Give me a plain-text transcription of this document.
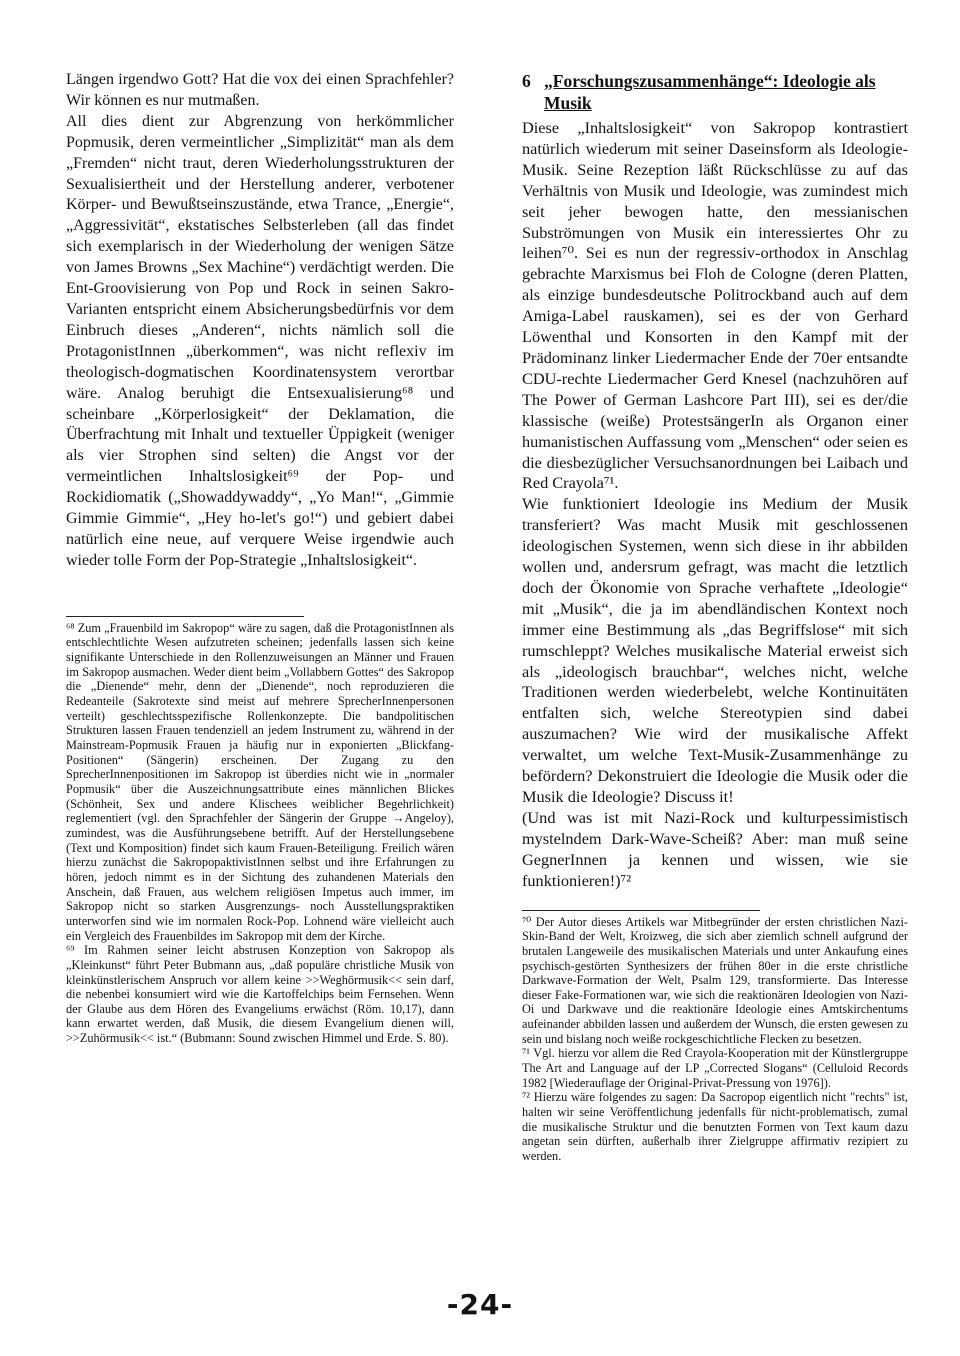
Längen irgendwo Gott? Hat die vox dei einen Sprachfehler? Wir können es nur mutmaßen.

All dies dient zur Abgrenzung von herkömmlicher Popmusik, deren vermeintlicher „Simplizität“ man als dem „Fremden“ nicht traut, deren Wiederholungsstrukturen der Sexualisiertheit und der Herstellung anderer, verbotener Körper- und Bewußtseinszustände, etwa Trance, „Energie“, „Aggressivität“, ekstatisches Selbsterleben (all das findet sich exemplarisch in der Wiederholung der wenigen Sätze von James Browns „Sex Machine“) verdächtigt werden. Die Ent-Groovisierung von Pop und Rock in seinen Sakro-Varianten entspricht einem Absicherungsbedürfnis vor dem Einbruch dieses „Anderen“, nichts nämlich soll die ProtagonistInnen „überkommen“, was nicht reflexiv im theologisch-dogmatischen Koordinatensystem verortbar wäre. Analog beruhigt die Entsexualisierung⁶⁸ und scheinbare „Körperlosigkeit“ der Deklamation, die Überfrachtung mit Inhalt und textueller Üppigkeit (weniger als vier Strophen sind selten) die Angst vor der vermeintlichen Inhaltslosigkeit⁶⁹ der Pop- und Rockidiomatik („Showaddywaddy“, „Yo Man!“, „Gimmie Gimmie Gimmie“, „Hey ho-let's go!“) und gebiert dabei natürlich eine neue, auf verquere Weise irgendwie auch wieder tolle Form der Pop-Strategie „Inhaltslosigkeit“.

⁶⁸ Zum „Frauenbild im Sakropop“ wäre zu sagen, daß die ProtagonistInnen als entschlechtlichte Wesen aufzutreten scheinen; jedenfalls lassen sich keine signifikante Unterschiede in den Rollenzuweisungen an Männer und Frauen im Sakropop ausmachen. Weder dient beim „Vollabbern Gottes“ des Sakropop die „Dienende“ mehr, denn der „Dienende“, noch reproduzieren die Redeanteile (Sakrotexte sind meist auf mehrere SprecherInnenpersonen verteilt) geschlechtsspezifische Rollenkonzepte. Die bandpolitischen Strukturen lassen Frauen tendenziell an jedem Instrument zu, während in der Mainstream-Popmusik Frauen ja häufig nur in exponierten „Blickfang-Positionen“ (Sängerin) erscheinen. Der Zugang zu den SprecherInnenpositionen im Sakropop ist überdies nicht wie in „normaler Popmusik“ über die Auszeichnungsattribute eines männlichen Blickes (Schönheit, Sex und andere Klischees weiblicher Begehrlichkeit) reglementiert (vgl. den Sprachfehler der Sängerin der Gruppe →Angeloy), zumindest, was die Ausführungsebene betrifft. Auf der Herstellungsebene (Text und Komposition) findet sich kaum Frauen-Beteiligung. Freilich wären hierzu zunächst die SakropopaktivistInnen selbst und ihre Erfahrungen zu hören, jedoch nimmt es in der Sichtung des zuhandenen Materials den Anschein, daß Frauen, aus welchem religiösen Impetus auch immer, im Sakropop nicht so starken Ausgrenzungs- noch Ausstellungspraktiken unterworfen sind wie im normalen Rock-Pop. Lohnend wäre vielleicht auch ein Vergleich des Frauenbildes im Sakropop mit dem der Kirche.

⁶⁹ Im Rahmen seiner leicht abstrusen Konzeption von Sakropop als „Kleinkunst“ führt Peter Bubmann aus, „daß populäre christliche Musik von kleinkünstlerischem Anspruch vor allem keine >>Weghörmusik<< sein darf, die nebenbei konsumiert wird wie die Kartoffelchips beim Fernsehen. Wenn der Glaube aus dem Hören des Evangeliums erwächst (Röm. 10,17), dann kann erwartet werden, daß Musik, die diesem Evangelium dienen will, >>Zuhörmusik<< ist.“ (Bubmann: Sound zwischen Himmel und Erde. S. 80).

6 „Forschungszusammenhänge“: Ideologie als Musik

Diese „Inhaltslosigkeit“ von Sakropop kontrastiert natürlich wiederum mit seiner Daseinsform als Ideologie-Musik. Seine Rezeption läßt Rückschlüsse zu auf das Verhältnis von Musik und Ideologie, was zumindest mich seit jeher bewogen hatte, den messianischen Subströmungen von Musik ein interessiertes Ohr zu leihen⁷⁰. Sei es nun der regressiv-orthodox in Anschlag gebrachte Marxismus bei Floh de Cologne (deren Platten, als einzige bundesdeutsche Politrockband auch auf dem Amiga-Label rauskamen), sei es der von Gerhard Löwenthal und Konsorten in den Kampf mit der Prädominanz linker Liedermacher Ende der 70er entsandte CDU-rechte Liedermacher Gerd Knesel (nachzuhören auf The Power of German Lashcore Part III), sei es der/die klassische (weiße) ProtestsängerIn als Organon einer humanistischen Auffassung vom „Menschen“ oder seien es die diesbezüglicher Versuchsanordnungen bei Laibach und Red Crayola⁷¹.

Wie funktioniert Ideologie ins Medium der Musik transferiert? Was macht Musik mit geschlossenen ideologischen Systemen, wenn sich diese in ihr abbilden wollen und, andersrum gefragt, was macht die letztlich doch der Ökonomie von Sprache verhaftete „Ideologie“ mit „Musik“, die ja im abendländischen Kontext noch immer eine Bestimmung als „das Begriffslose“ mit sich rumschleppt? Welches musikalische Material erweist sich als „ideologisch brauchbar“, welches nicht, welche Traditionen werden wiederbelebt, welche Kontinuitäten entfalten sich, welche Stereotypien sind dabei auszumachen? Wie wird der musikalische Affekt verwaltet, um welche Text-Musik-Zusammenhänge zu befördern? Dekonstruiert die Ideologie die Musik oder die Musik die Ideologie? Discuss it!

(Und was ist mit Nazi-Rock und kulturpessimistisch mystelndem Dark-Wave-Scheiß? Aber: man muß seine GegnerInnen ja kennen und wissen, wie sie funktionieren!)⁷²

⁷⁰ Der Autor dieses Artikels war Mitbegründer der ersten christlichen Nazi-Skin-Band der Welt, Kroizweg, die sich aber ziemlich schnell aufgrund der brutalen Langeweile des musikalischen Materials und unter Ankaufung eines psychisch-gestörten Synthesizers der frühen 80er in die erste christliche Darkwave-Formation der Welt, Psalm 129, transformierte. Das Interesse dieser Fake-Formationen war, wie sich die reaktionären Ideologien von Nazi-Oi und Darkwave und die reaktionäre Ideologie eines Amtskirchentums aufeinander abbilden lassen und außerdem der Wunsch, die ersten gewesen zu sein und bislang noch weiße rockgeschichtliche Flecken zu besetzen.

⁷¹ Vgl. hierzu vor allem die Red Crayola-Kooperation mit der Künstlergruppe The Art and Language auf der LP „Corrected Slogans“ (Celluloid Records 1982 [Wiederauflage der Original-Privat-Pressung von 1976]).

⁷² Hierzu wäre folgendes zu sagen: Da Sacropop eigentlich nicht "rechts" ist, halten wir seine Veröffentlichung jedenfalls für nicht-problematisch, zumal die musikalische Struktur und die benutzten Formen von Text kaum dazu angetan sein dürften, außerhalb ihrer Zielgruppe affirmativ rezipiert zu werden.

-24-
